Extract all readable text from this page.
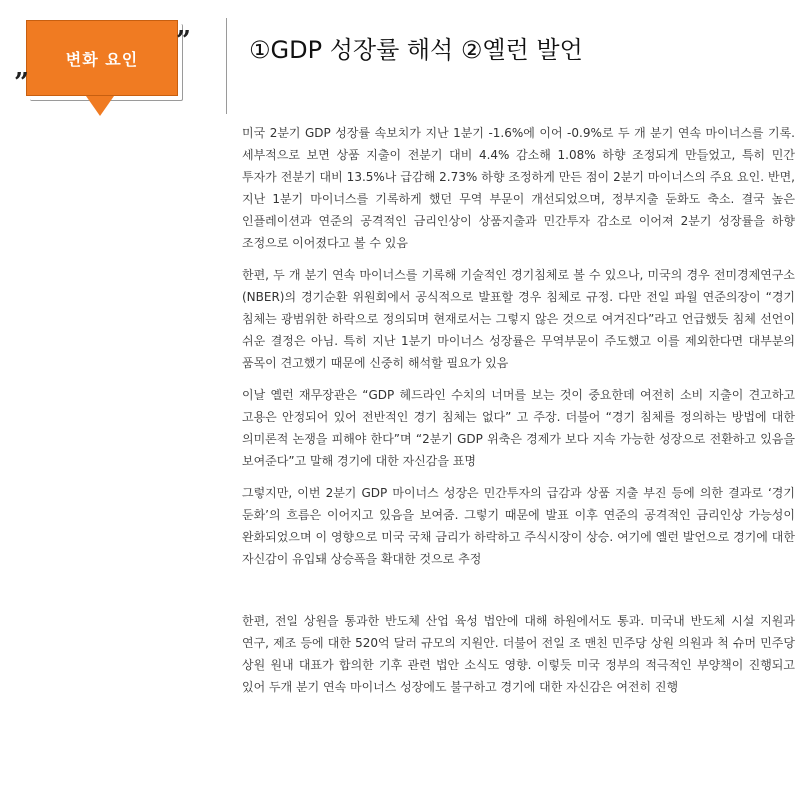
변화 요인
”
”
①GDP 성장률 해석 ②옐런 발언

미국 2분기 GDP 성장률 속보치가 지난 1분기 -1.6%에 이어 -0.9%로 두 개 분기 연속 마이너스를 기록. 세부적으로 보면 상품 지출이 전분기 대비 4.4% 감소해 1.08% 하향 조정되게 만들었고, 특히 민간 투자가 전분기 대비 13.5%나 급감해 2.73% 하향 조정하게 만든 점이 2분기 마이너스의 주요 요인. 반면, 지난 1분기 마이너스를 기록하게 했던 무역 부문이 개선되었으며, 정부지출 둔화도 축소. 결국 높은 인플레이션과 연준의 공격적인 금리인상이 상품지출과 민간투자 감소로 이어져 2분기 성장률을 하향 조정으로 이어졌다고 볼 수 있음

한편, 두 개 분기 연속 마이너스를 기록해 기술적인 경기침체로 볼 수 있으나, 미국의 경우 전미경제연구소(NBER)의 경기순환 위원회에서 공식적으로 발표할 경우 침체로 규정. 다만 전일 파월 연준의장이 “경기 침체는 광범위한 하락으로 정의되며 현재로서는 그렇지 않은 것으로 여겨진다”라고 언급했듯 침체 선언이 쉬운 결정은 아님. 특히 지난 1분기 마이너스 성장률은 무역부문이 주도했고 이를 제외한다면 대부분의 품목이 견고했기 때문에 신중히 해석할 필요가 있음

이날 옐런 재무장관은 “GDP 헤드라인 수치의 너머를 보는 것이 중요한데 여전히 소비 지출이 견고하고 고용은 안정되어 있어 전반적인 경기 침체는 없다” 고 주장. 더불어 “경기 침체를 정의하는 방법에 대한 의미론적 논쟁을 피해야 한다”며 “2분기 GDP 위축은 경제가 보다 지속 가능한 성장으로 전환하고 있음을 보여준다”고 말해 경기에 대한 자신감을 표명

그렇지만, 이번 2분기 GDP 마이너스 성장은 민간투자의 급감과 상품 지출 부진 등에 의한 결과로 ‘경기 둔화’의 흐름은 이어지고 있음을 보여줌. 그렇기 때문에 발표 이후 연준의 공격적인 금리인상 가능성이 완화되었으며 이 영향으로 미국 국채 금리가 하락하고 주식시장이 상승. 여기에 옐런 발언으로 경기에 대한 자신감이 유입돼 상승폭을 확대한 것으로 추정

한편, 전일 상원을 통과한 반도체 산업 육성 법안에 대해 하원에서도 통과. 미국내 반도체 시설 지원과 연구, 제조 등에 대한 520억 달러 규모의 지원안. 더불어 전일 조 맨친 민주당 상원 의원과 척 슈머 민주당 상원 원내 대표가 합의한 기후 관련 법안 소식도 영향. 이렇듯 미국 정부의 적극적인 부양책이 진행되고 있어 두개 분기 연속 마이너스 성장에도 불구하고 경기에 대한 자신감은 여전히 진행
